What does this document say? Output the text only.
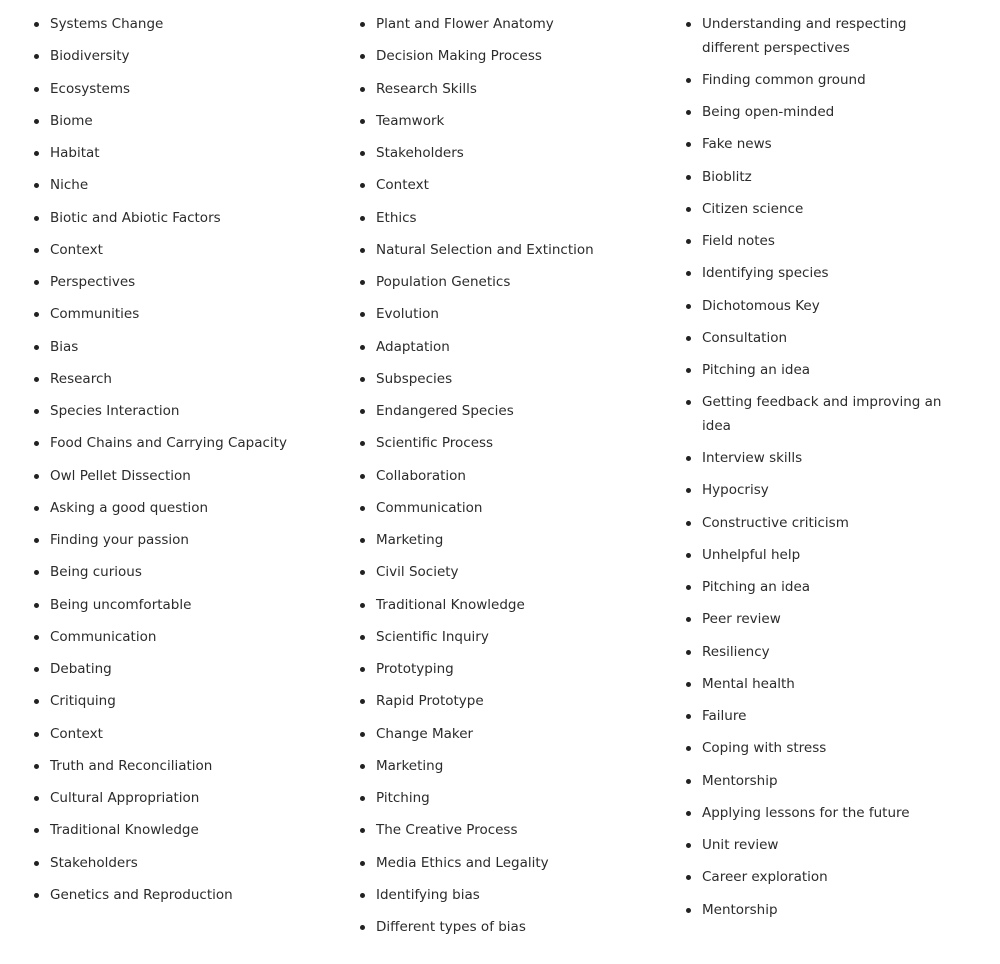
Systems Change
Biodiversity
Ecosystems
Biome
Habitat
Niche
Biotic and Abiotic Factors
Context
Perspectives
Communities
Bias
Research
Species Interaction
Food Chains and Carrying Capacity
Owl Pellet Dissection
Asking a good question
Finding your passion
Being curious
Being uncomfortable
Communication
Debating
Critiquing
Context
Truth and Reconciliation
Cultural Appropriation
Traditional Knowledge
Stakeholders
Genetics and Reproduction
Plant and Flower Anatomy
Decision Making Process
Research Skills
Teamwork
Stakeholders
Context
Ethics
Natural Selection and Extinction
Population Genetics
Evolution
Adaptation
Subspecies
Endangered Species
Scientific Process
Collaboration
Communication
Marketing
Civil Society
Traditional Knowledge
Scientific Inquiry
Prototyping
Rapid Prototype
Change Maker
Marketing
Pitching
The Creative Process
Media Ethics and Legality
Identifying bias
Different types of bias
Understanding and respecting different perspectives
Finding common ground
Being open-minded
Fake news
Bioblitz
Citizen science
Field notes
Identifying species
Dichotomous Key
Consultation
Pitching an idea
Getting feedback and improving an idea
Interview skills
Hypocrisy
Constructive criticism
Unhelpful help
Pitching an idea
Peer review
Resiliency
Mental health
Failure
Coping with stress
Mentorship
Applying lessons for the future
Unit review
Career exploration
Mentorship
